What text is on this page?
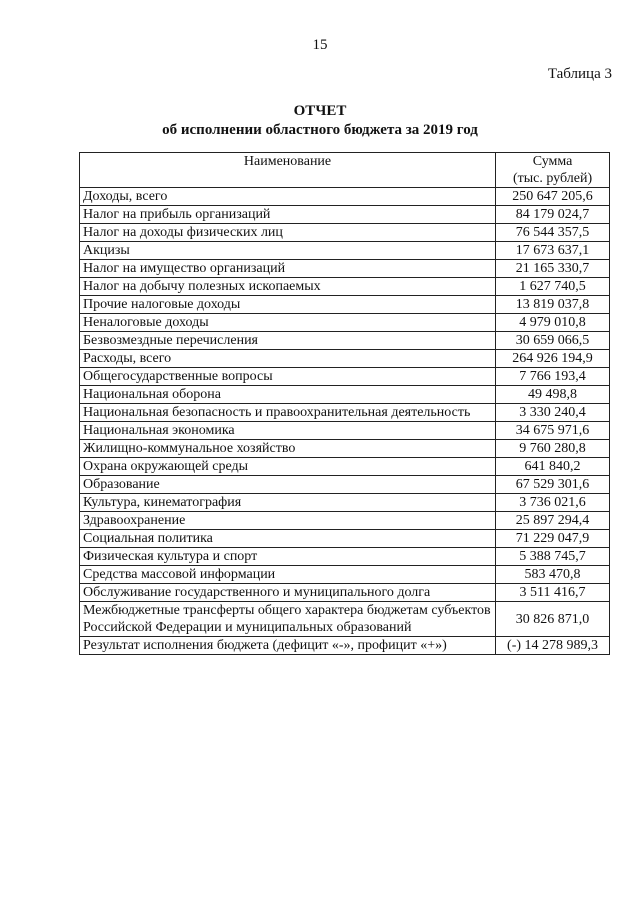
15
Таблица 3
ОТЧЕТ
об исполнении областного бюджета за 2019 год
Наименование	Сумма
(тыс. рублей)

Доходы, всего	250 647 205,6
Налог на прибыль организаций	84 179 024,7
Налог на доходы физических лиц	76 544 357,5
Акцизы	17 673 637,1
Налог на имущество организаций	21 165 330,7
Налог на добычу полезных ископаемых	1 627 740,5
Прочие налоговые доходы	13 819 037,8
Неналоговые доходы	4 979 010,8
Безвозмездные перечисления	30 659 066,5
Расходы, всего	264 926 194,9
Общегосударственные вопросы	7 766 193,4
Национальная оборона	49 498,8
Национальная безопасность и правоохранительная деятельность	3 330 240,4
Национальная экономика	34 675 971,6
Жилищно-коммунальное хозяйство	9 760 280,8
Охрана окружающей среды	641 840,2
Образование	67 529 301,6
Культура, кинематография	3 736 021,6
Здравоохранение	25 897 294,4
Социальная политика	71 229 047,9
Физическая культура и спорт	5 388 745,7
Средства массовой информации	583 470,8
Обслуживание государственного и муниципального долга	3 511 416,7
Межбюджетные трансферты общего характера бюджетам субъектов Российской Федерации и муниципальных образований	30 826 871,0
Результат исполнения бюджета (дефицит «-», профицит «+»)	(-) 14 278 989,3
